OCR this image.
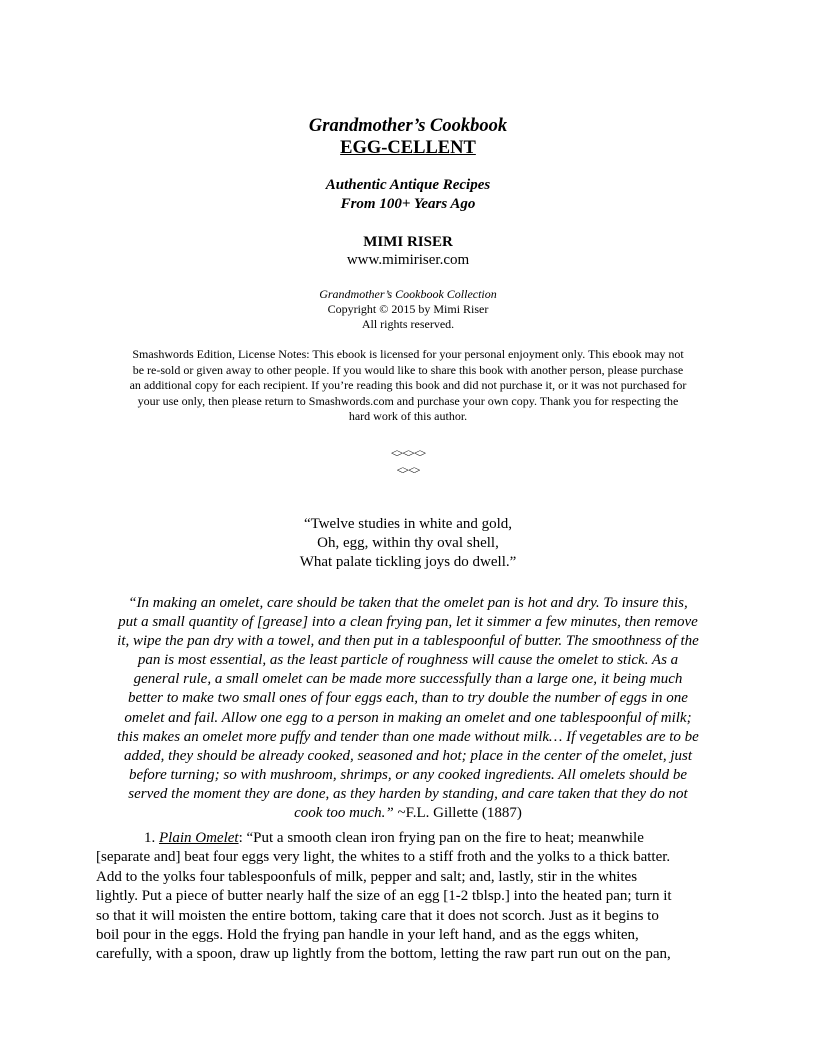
Grandmother’s Cookbook
EGG-CELLENT
Authentic Antique Recipes
From 100+ Years Ago
MIMI RISER
www.mimiriser.com
Grandmother’s Cookbook Collection
Copyright © 2015 by Mimi Riser
All rights reserved.
Smashwords Edition, License Notes: This ebook is licensed for your personal enjoyment only. This ebook may not
be re-sold or given away to other people. If you would like to share this book with another person, please purchase
an additional copy for each recipient. If you’re reading this book and did not purchase it, or it was not purchased for
your use only, then please return to Smashwords.com and purchase your own copy. Thank you for respecting the
hard work of this author.
<><><>
<><>
“Twelve studies in white and gold,
Oh, egg, within thy oval shell,
What palate tickling joys do dwell.”
“In making an omelet, care should be taken that the omelet pan is hot and dry. To insure this,
put a small quantity of [grease] into a clean frying pan, let it simmer a few minutes, then remove
it, wipe the pan dry with a towel, and then put in a tablespoonful of butter. The smoothness of the
pan is most essential, as the least particle of roughness will cause the omelet to stick. As a
general rule, a small omelet can be made more successfully than a large one, it being much
better to make two small ones of four eggs each, than to try double the number of eggs in one
omelet and fail. Allow one egg to a person in making an omelet and one tablespoonful of milk;
this makes an omelet more puffy and tender than one made without milk… If vegetables are to be
added, they should be already cooked, seasoned and hot; place in the center of the omelet, just
before turning; so with mushroom, shrimps, or any cooked ingredients. All omelets should be
served the moment they are done, as they harden by standing, and care taken that they do not
cook too much.” ~F.L. Gillette (1887)
1. Plain Omelet: “Put a smooth clean iron frying pan on the fire to heat; meanwhile
[separate and] beat four eggs very light, the whites to a stiff froth and the yolks to a thick batter.
Add to the yolks four tablespoonfuls of milk, pepper and salt; and, lastly, stir in the whites
lightly. Put a piece of butter nearly half the size of an egg [1-2 tblsp.] into the heated pan; turn it
so that it will moisten the entire bottom, taking care that it does not scorch. Just as it begins to
boil pour in the eggs. Hold the frying pan handle in your left hand, and as the eggs whiten,
carefully, with a spoon, draw up lightly from the bottom, letting the raw part run out on the pan,
